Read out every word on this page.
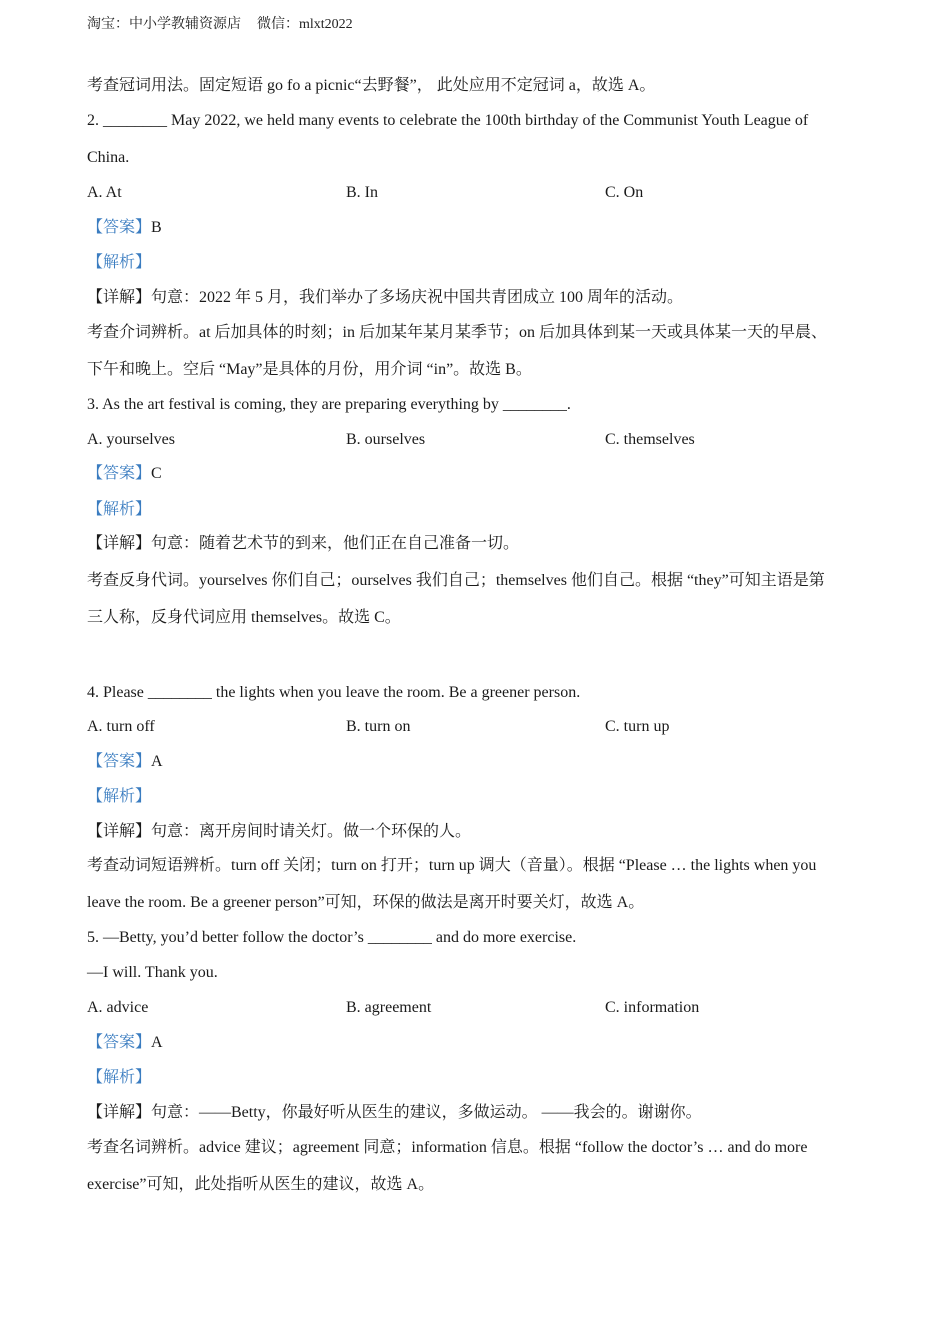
淘宝：中小学教辅资源店 微信：mlxt2022
考查冠词用法。固定短语 go fo a picnic“去野餐”， 此处应用不定冠词 a，故选 A。
2. ________ May 2022, we held many events to celebrate the 100th birthday of the Communist Youth League of
China.
A. At	B. In	C. On
【答案】B
【解析】
【详解】句意：2022 年 5 月，我们举办了多场庆祝中国共青团成立 100 周年的活动。
考查介词辨析。at 后加具体的时刻；in 后加某年某月某季节；on 后加具体到某一天或具体某一天的早晨、
下午和晚上。空后 “May”是具体的月份，用介词 “in”。故选 B。
3. As the art festival is coming, they are preparing everything by ________.
A. yourselves	B. ourselves	C. themselves
【答案】C
【解析】
【详解】句意：随着艺术节的到来，他们正在自己准备一切。
考查反身代词。yourselves 你们自己；ourselves 我们自己；themselves 他们自己。根据 “they”可知主语是第
三人称，反身代词应用 themselves。故选 C。
4. Please ________ the lights when you leave the room. Be a greener person.
A. turn off	B. turn on	C. turn up
【答案】A
【解析】
【详解】句意：离开房间时请关灯。做一个环保的人。
考查动词短语辨析。turn off 关闭；turn on 打开；turn up 调大（音量）。根据 “Please … the lights when you
leave the room. Be a greener person”可知，环保的做法是离开时要关灯，故选 A。
5. —Betty, you’d better follow the doctor’s ________ and do more exercise.
—I will. Thank you.
A. advice	B. agreement	C. information
【答案】A
【解析】
【详解】句意：——Betty，你最好听从医生的建议，多做运动。 ——我会的。谢谢你。
考查名词辨析。advice 建议；agreement 同意；information 信息。根据 “follow the doctor’s … and do more
exercise”可知，此处指听从医生的建议，故选 A。
